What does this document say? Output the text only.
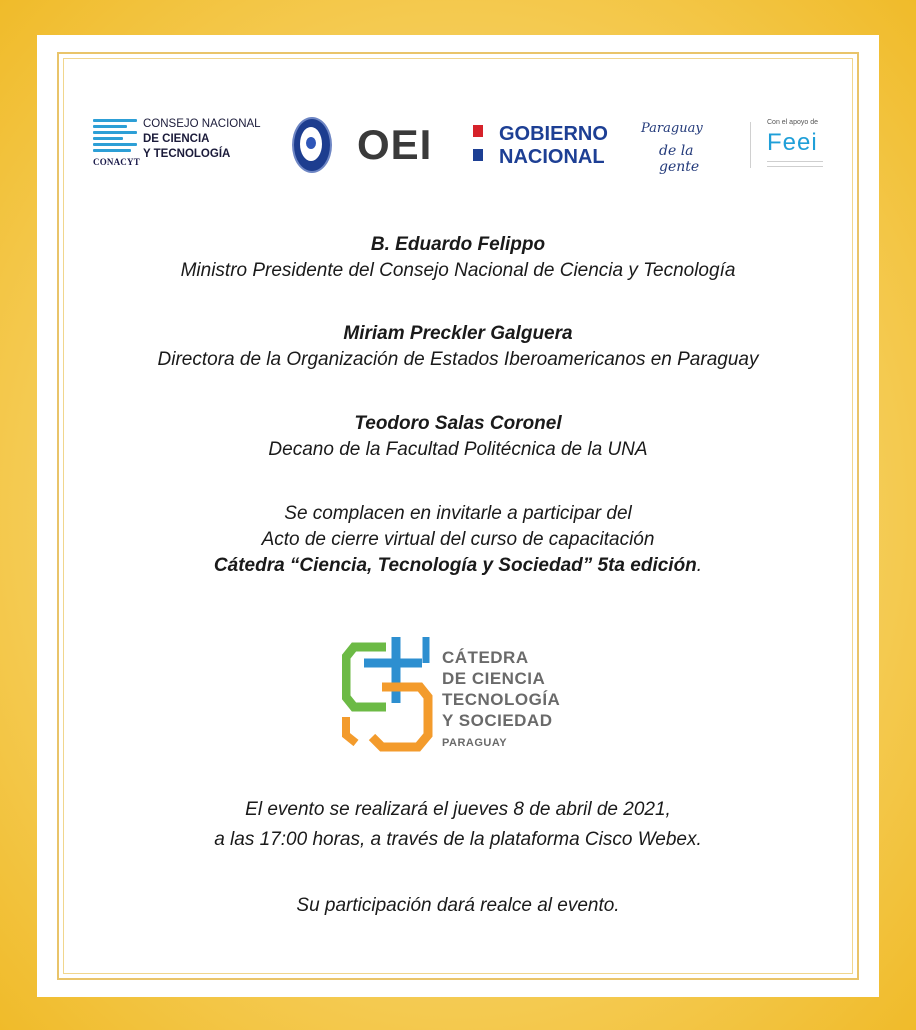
CONACYT
CONSEJO NACIONAL
DE CIENCIA
Y TECNOLOGÍA	OEI	GOBIERNO
NACIONAL
Paraguay
de la gente
Con el apoyo de
Feei
B. Eduardo Felippo
Ministro Presidente del Consejo Nacional de Ciencia y Tecnología
Miriam Preckler Galguera
Directora de la Organización de Estados Iberoamericanos en Paraguay
Teodoro Salas Coronel
Decano de la Facultad Politécnica de la UNA
Se complacen en invitarle a participar del
Acto de cierre virtual del curso de capacitación
Cátedra “Ciencia, Tecnología y Sociedad” 5ta edición.
CÁTEDRA
DE CIENCIA
TECNOLOGÍA
Y SOCIEDAD
PARAGUAY
El evento se realizará el jueves 8 de abril de 2021,
a las 17:00 horas, a través de la plataforma Cisco Webex.
Su participación dará realce al evento.
